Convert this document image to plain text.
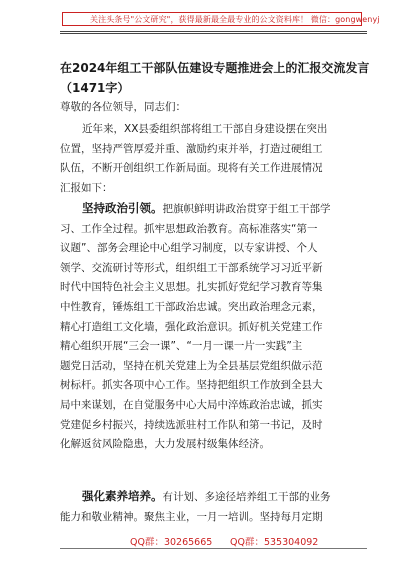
关注头条号"公文研究"，获得最新最全最专业的公文资料库！ 微信：gongwenyj
在2024年组工干部队伍建设专题推进会上的汇报交流发言
（1471字）
尊敬的各位领导，同志们：
近年来，XX县委组织部将组工干部自身建设摆在突出
位置，坚持严管厚爱并重、激励约束并举，打造过硬组工
队伍，不断开创组织工作新局面。现将有关工作进展情况
汇报如下：
坚持政治引领。把旗帜鲜明讲政治贯穿于组工干部学
习、工作全过程。抓牢思想政治教育。高标准落实“第一
议题”、部务会理论中心组学习制度，以专家讲授、个人
领学、交流研讨等形式，组织组工干部系统学习习近平新
时代中国特色社会主义思想。扎实抓好党纪学习教育等集
中性教育，锤炼组工干部政治忠诚。突出政治理念元素，
精心打造组工文化墙，强化政治意识。抓好机关党建工作
精心组织开展“三会一课”、“一月一课一片一实践”主
题党日活动，坚持在机关党建上为全县基层党组织做示范
树标杆。抓实各项中心工作。坚持把组织工作放到全县大
局中来谋划，在自觉服务中心大局中淬炼政治忠诚，抓实
党建促乡村振兴，持续选派驻村工作队和第一书记，及时
化解返贫风险隐患，大力发展村级集体经济。
强化素养培养。有计划、多途径培养组工干部的业务
能力和敬业精神。聚焦主业，一月一培训。坚持每月定期
QQ群：30265665 QQ群：535304092
